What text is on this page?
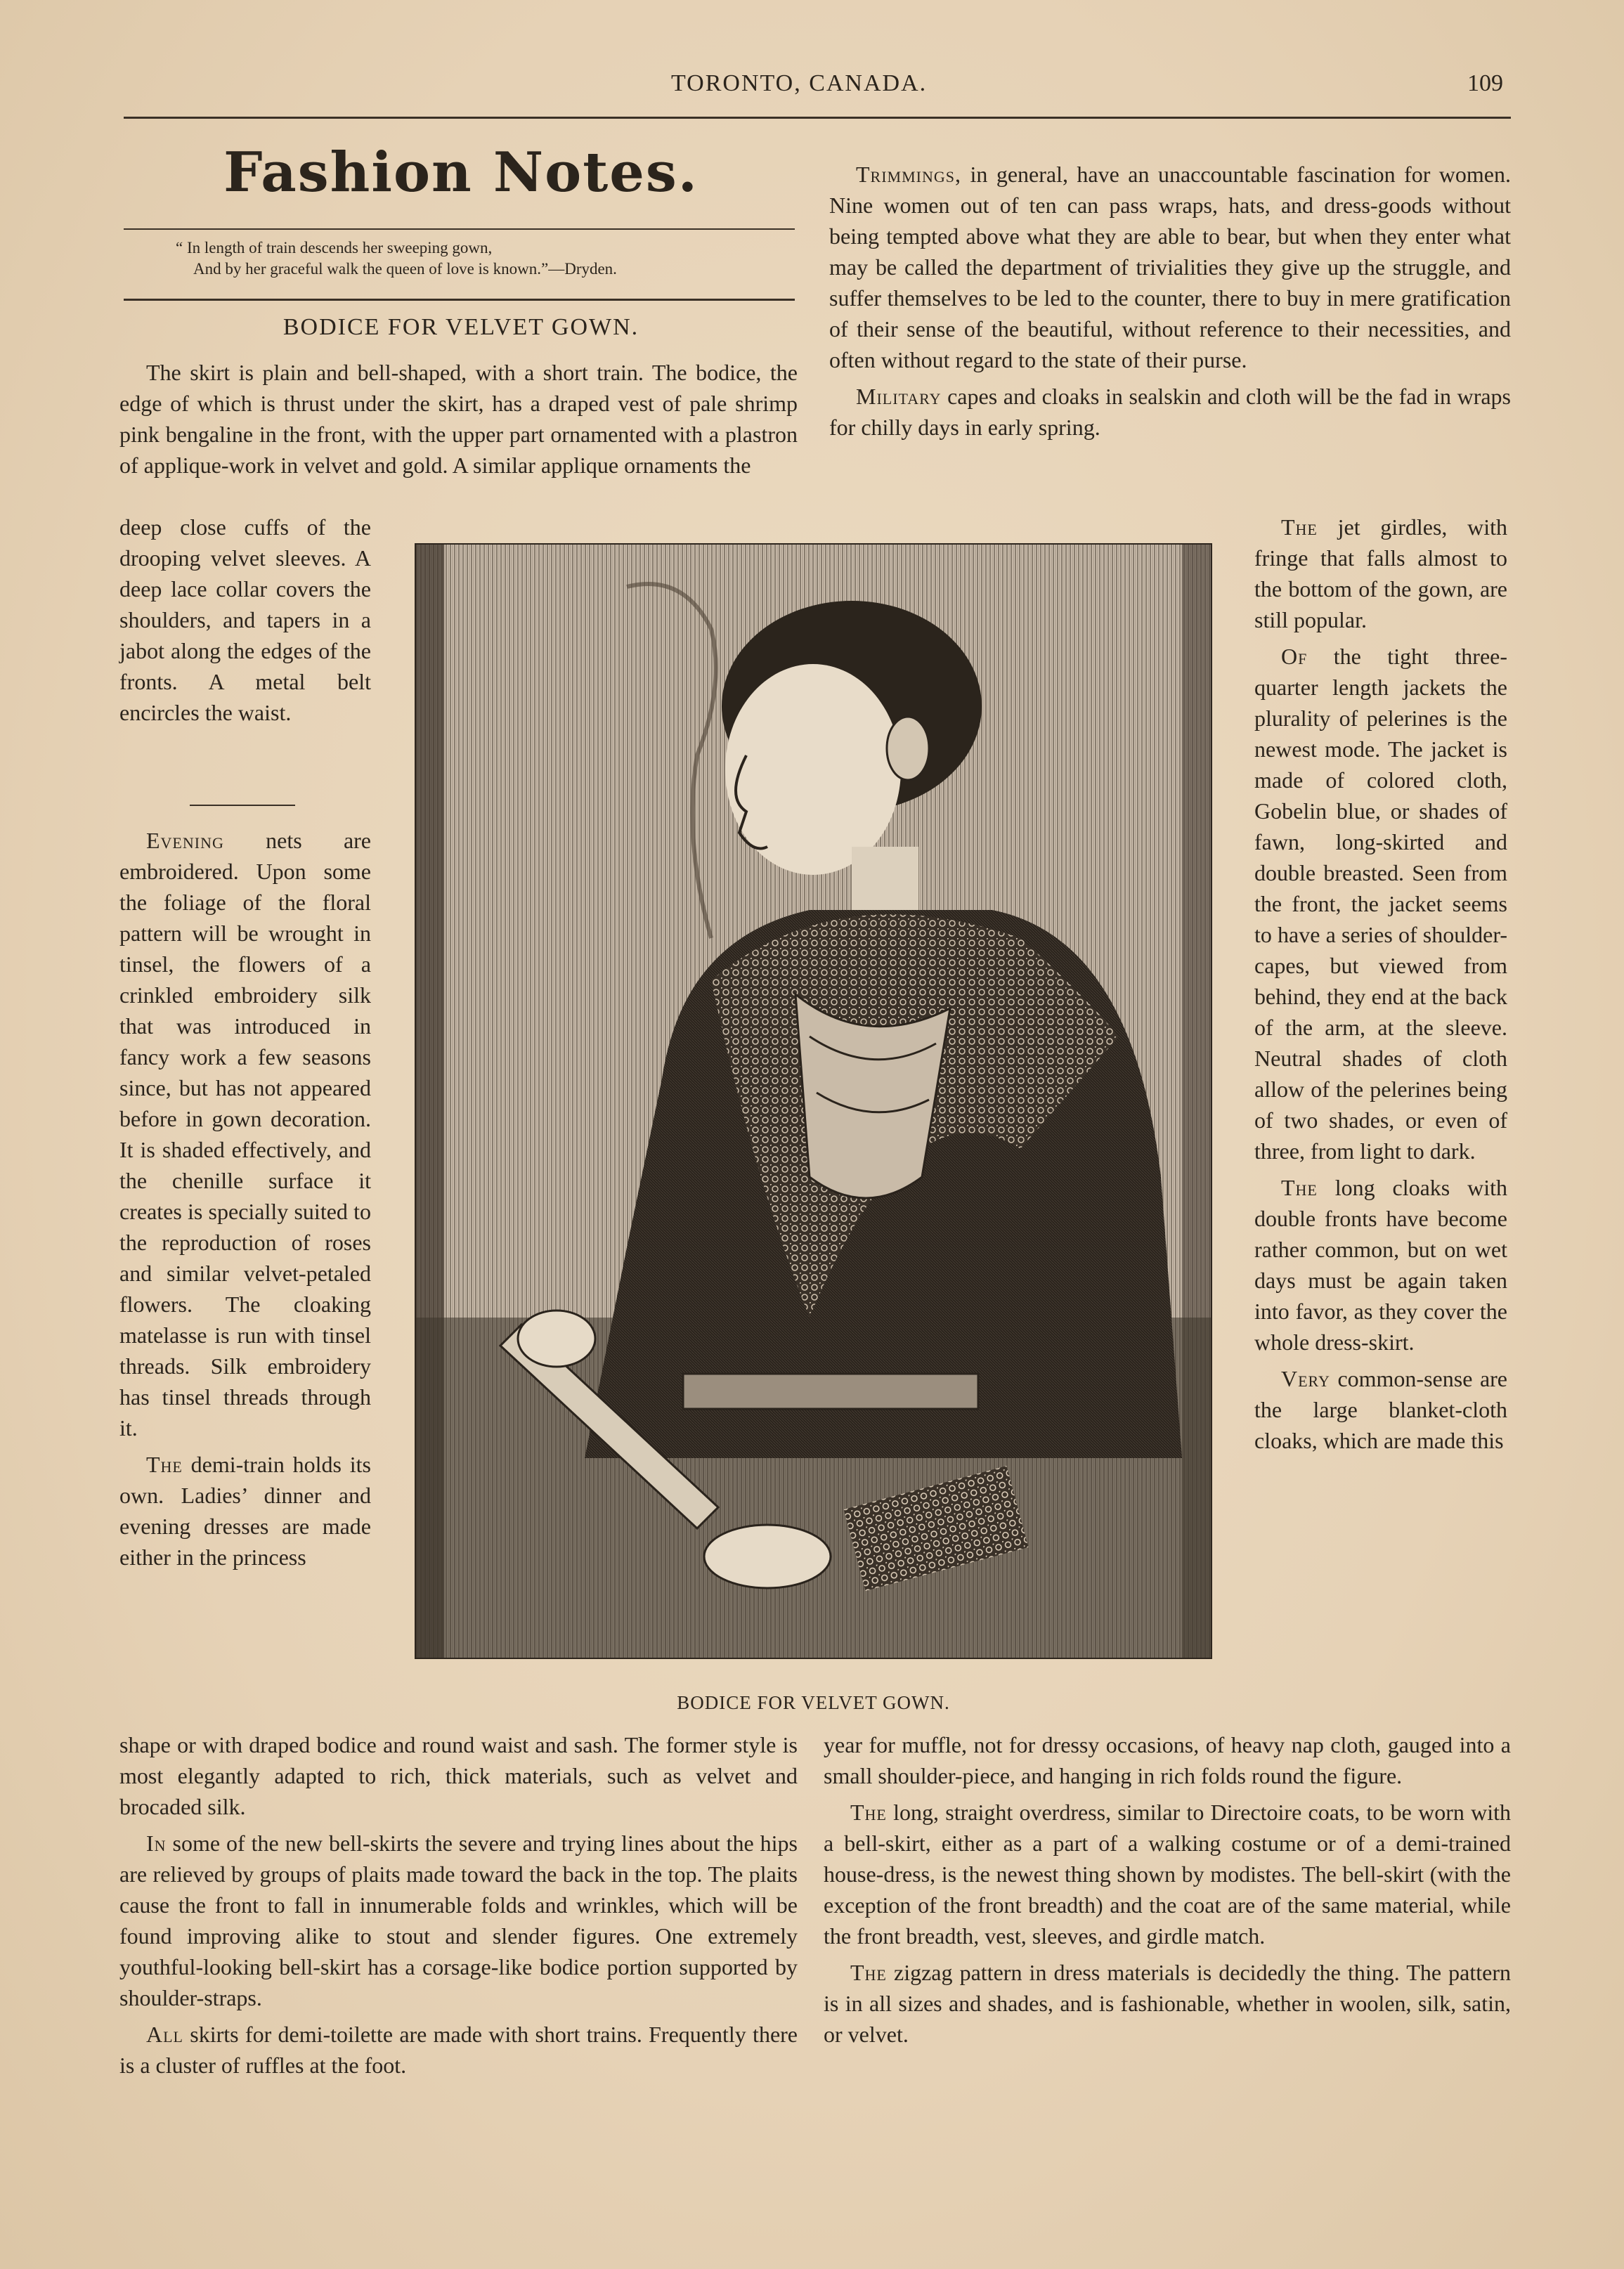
TORONTO, CANADA.	109
Fashion Notes.
“ In length of train descends her sweeping gown,
And by her graceful walk the queen of love is known.”—Dryden.
BODICE FOR VELVET GOWN.

The skirt is plain and bell-shaped, with a short train. The bodice, the edge of which is thrust under the skirt, has a draped vest of pale shrimp pink bengaline in the front, with the upper part ornamented with a plastron of applique-work in velvet and gold. A similar applique ornaments the

deep close cuffs of the drooping velvet sleeves. A deep lace collar covers the shoulders, and tapers in a jabot along the edges of the fronts. A metal belt encircles the waist.

Evening nets are embroidered. Upon some the foliage of the floral pattern will be wrought in tinsel, the flowers of a crinkled embroidery silk that was introduced in fancy work a few seasons since, but has not appeared before in gown decoration. It is shaded effectively, and the chenille surface it creates is specially suited to the reproduction of roses and similar velvet-petaled flowers. The cloaking matelasse is run with tinsel threads. Silk embroidery has tinsel threads through it.

The demi-train holds its own. Ladies’ dinner and evening dresses are made either in the princess

BODICE FOR VELVET GOWN.

shape or with draped bodice and round waist and sash. The former style is most elegantly adapted to rich, thick materials, such as velvet and brocaded silk.

In some of the new bell-skirts the severe and trying lines about the hips are relieved by groups of plaits made toward the back in the top. The plaits cause the front to fall in innumerable folds and wrinkles, which will be found improving alike to stout and slender figures. One extremely youthful-looking bell-skirt has a corsage-like bodice portion supported by shoulder-straps.

All skirts for demi-toilette are made with short trains. Frequently there is a cluster of ruffles at the foot.

Trimmings, in general, have an unaccountable fascination for women. Nine women out of ten can pass wraps, hats, and dress-goods without being tempted above what they are able to bear, but when they enter what may be called the department of trivialities they give up the struggle, and suffer themselves to be led to the counter, there to buy in mere gratification of their sense of the beautiful, without reference to their necessities, and often without regard to the state of their purse.

Military capes and cloaks in sealskin and cloth will be the fad in wraps for chilly days in early spring.

The jet girdles, with fringe that falls almost to the bottom of the gown, are still popular.

Of the tight three-quarter length jackets the plurality of pelerines is the newest mode. The jacket is made of colored cloth, Gobelin blue, or shades of fawn, long-skirted and double breasted. Seen from the front, the jacket seems to have a series of shoulder-capes, but viewed from behind, they end at the back of the arm, at the sleeve. Neutral shades of cloth allow of the pelerines being of two shades, or even of three, from light to dark.

The long cloaks with double fronts have become rather common, but on wet days must be again taken into favor, as they cover the whole dress-skirt.

Very common-sense are the large blanket-cloth cloaks, which are made this

year for muffle, not for dressy occasions, of heavy nap cloth, gauged into a small shoulder-piece, and hanging in rich folds round the figure.

The long, straight overdress, similar to Directoire coats, to be worn with a bell-skirt, either as a part of a walking costume or of a demi-trained house-dress, is the newest thing shown by modistes. The bell-skirt (with the exception of the front breadth) and the coat are of the same material, while the front breadth, vest, sleeves, and girdle match.

The zigzag pattern in dress materials is decidedly the thing. The pattern is in all sizes and shades, and is fashionable, whether in woolen, silk, satin, or velvet.
